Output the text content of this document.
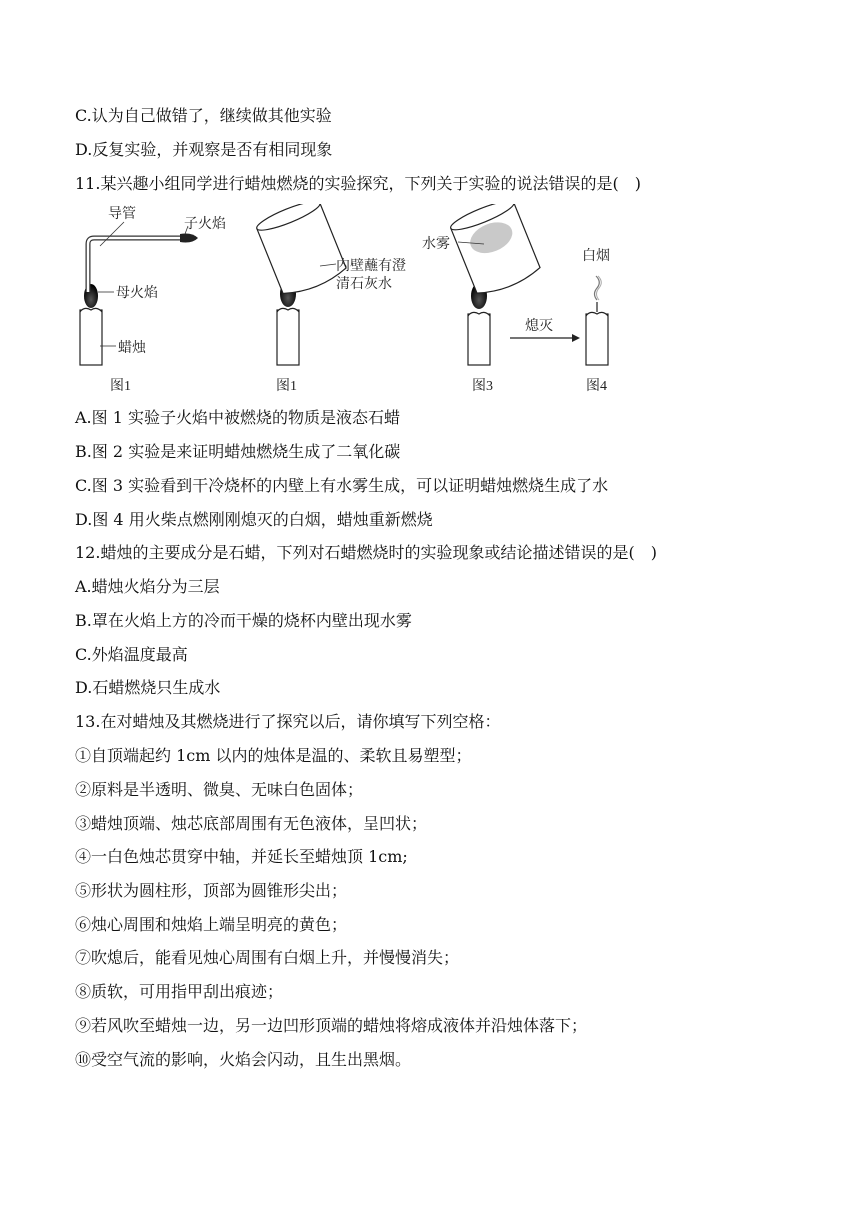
C.认为自己做错了，继续做其他实验
D.反复实验，并观察是否有相同现象
11.某兴趣小组同学进行蜡烛燃烧的实验探究，下列关于实验的说法错误的是(　)
导管
子火焰
母火焰
蜡烛
图1
内壁蘸有澄
清石灰水
图1
水雾
熄灭
图3
白烟
图4
A.图 1 实验子火焰中被燃烧的物质是液态石蜡
B.图 2 实验是来证明蜡烛燃烧生成了二氧化碳
C.图 3 实验看到干冷烧杯的内壁上有水雾生成，可以证明蜡烛燃烧生成了水
D.图 4 用火柴点燃刚刚熄灭的白烟，蜡烛重新燃烧
12.蜡烛的主要成分是石蜡，下列对石蜡燃烧时的实验现象或结论描述错误的是(　)
A.蜡烛火焰分为三层
B.罩在火焰上方的冷而干燥的烧杯内壁出现水雾
C.外焰温度最高
D.石蜡燃烧只生成水
13.在对蜡烛及其燃烧进行了探究以后，请你填写下列空格：
①自顶端起约 1cm 以内的烛体是温的、柔软且易塑型；
②原料是半透明、微臭、无味白色固体；
③蜡烛顶端、烛芯底部周围有无色液体，呈凹状；
④一白色烛芯贯穿中轴，并延长至蜡烛顶 1cm;
⑤形状为圆柱形，顶部为圆锥形尖出；
⑥烛心周围和烛焰上端呈明亮的黄色；
⑦吹熄后，能看见烛心周围有白烟上升，并慢慢消失；
⑧质软，可用指甲刮出痕迹；
⑨若风吹至蜡烛一边，另一边凹形顶端的蜡烛将熔成液体并沿烛体落下；
⑩受空气流的影响，火焰会闪动，且生出黑烟。
